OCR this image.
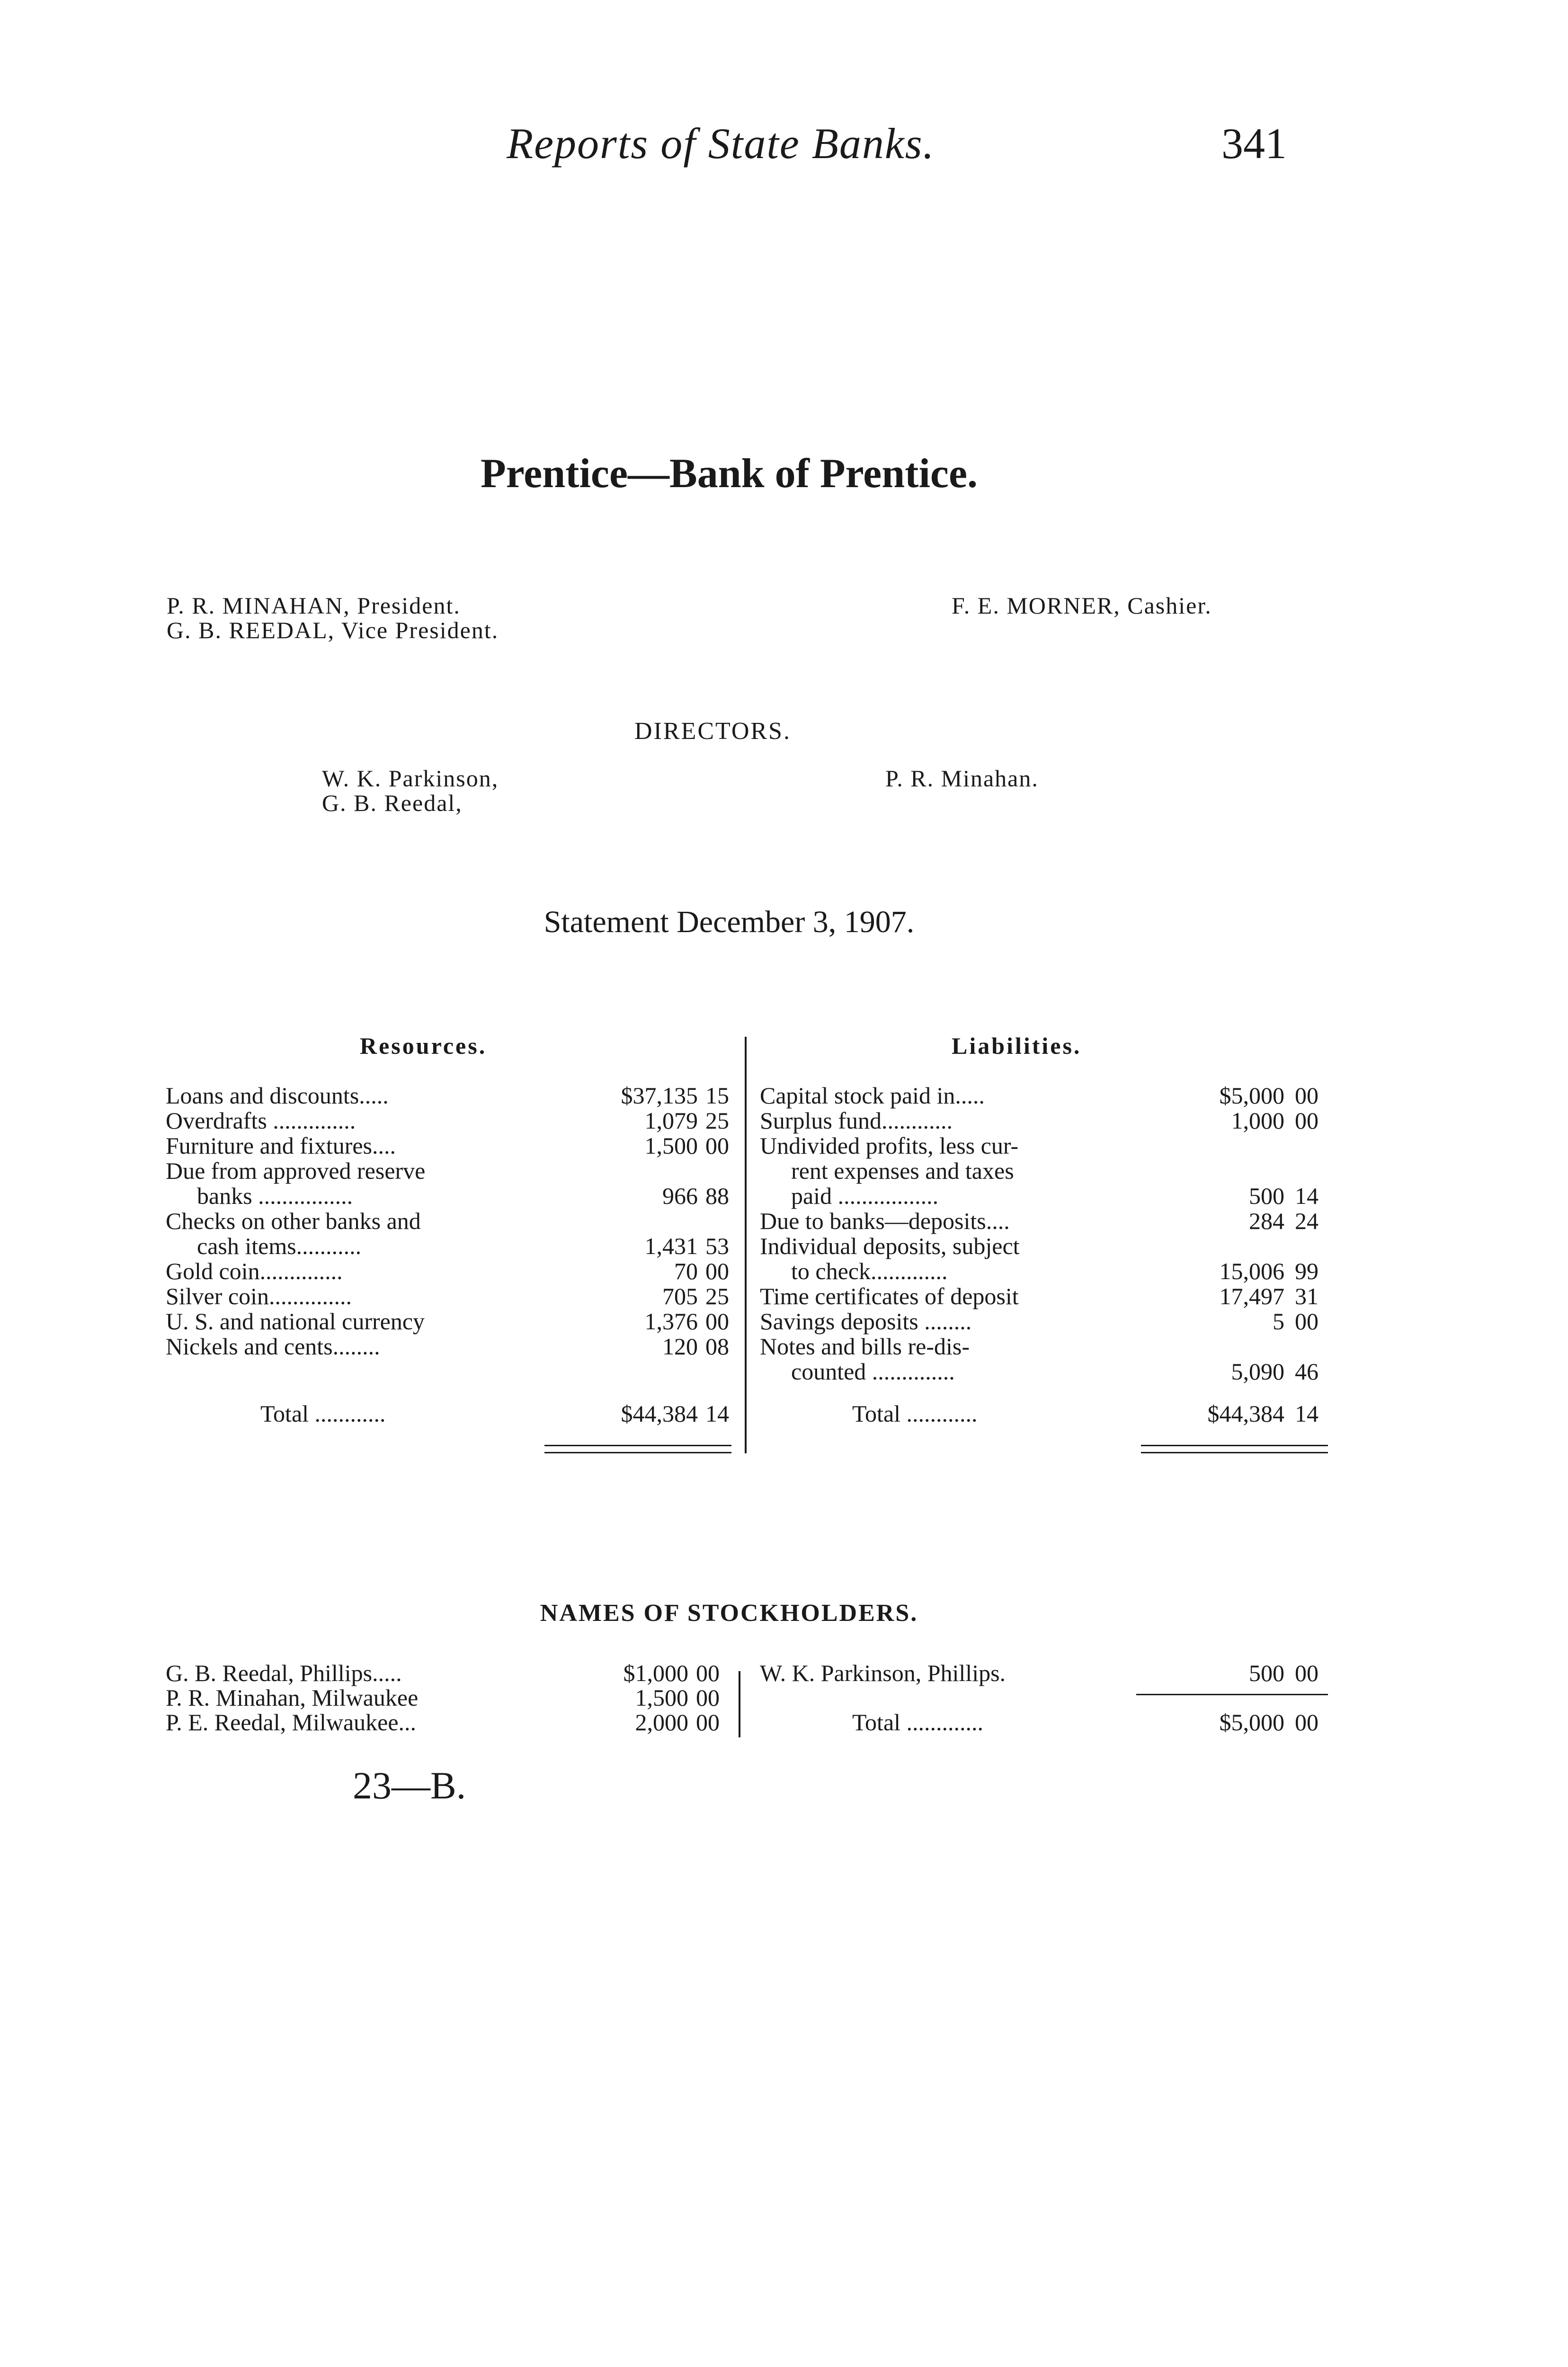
Reports of State Banks.	341
Prentice—Bank of Prentice.
P. R. MINAHAN, President.
G. B. REEDAL, Vice President.
F. E. MORNER, Cashier.
DIRECTORS.
W. K. Parkinson,
G. B. Reedal,
P. R. Minahan.
Statement December 3, 1907.
Resources.	Liabilities.
Loans and discounts.....	$37,135 15
Overdrafts ..............	1,079 25
Furniture and fixtures....	1,500 00
Due from approved reserve
banks ................	966 88
Checks on other banks and
cash items...........	1,431 53
Gold coin..............	70 00
Silver coin..............	705 25
U. S. and national currency	1,376 00
Nickels and cents........	120 08
Capital stock paid in.....	$5,000 00
Surplus fund............	1,000 00
Undivided profits, less cur-
rent expenses and taxes
paid .................	500 14
Due to banks—deposits....	284 24
Individual deposits, subject
to check.............	15,006 99
Time certificates of deposit	17,497 31
Savings deposits ........	5 00
Notes and bills re-dis-
counted ..............	5,090 46
Total ............	$44,384 14	Total ............	$44,384 14
NAMES OF STOCKHOLDERS.
G. B. Reedal, Phillips.....	$1,000 00
P. R. Minahan, Milwaukee	1,500 00
P. E. Reedal, Milwaukee...	2,000 00
W. K. Parkinson, Phillips.	500 00
Total .............	$5,000 00
23—B.
